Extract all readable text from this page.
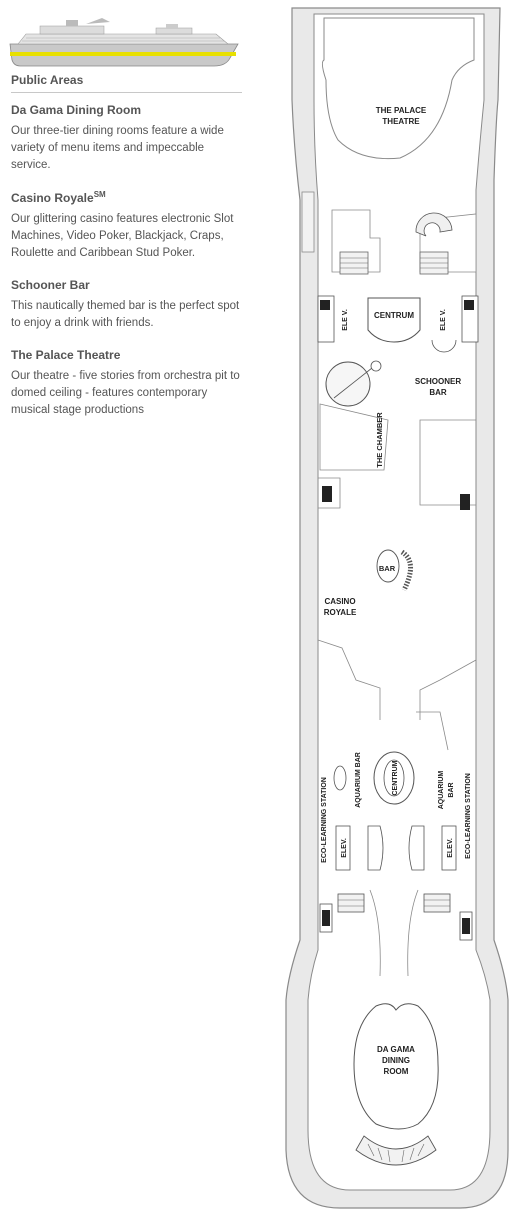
Public Areas
Da Gama Dining Room

Our three-tier dining rooms feature a wide variety of menu items and impeccable service.

Casino Royale℠

Our glittering casino features electronic Slot Machines, Video Poker, Blackjack, Craps, Roulette and Caribbean Stud Poker.

Schooner Bar

This nautically themed bar is the perfect spot to enjoy a drink with friends.

The Palace Theatre

Our theatre - five stories from orchestra pit to domed ceiling - features contemporary musical stage productions

THE PALACE
THEATRE
ELE V.	ELE V.
CENTRUM
SCHOONER
BAR
THE CHAMBER
BAR
CASINO
ROYALE
ECO-LEARNING STATION	AQUARIUM BAR	CENTRUM	AQUARIUM BAR ECO-LEARNING STATION
ELEV.	ELEV.
DA GAMA
DINING
ROOM
